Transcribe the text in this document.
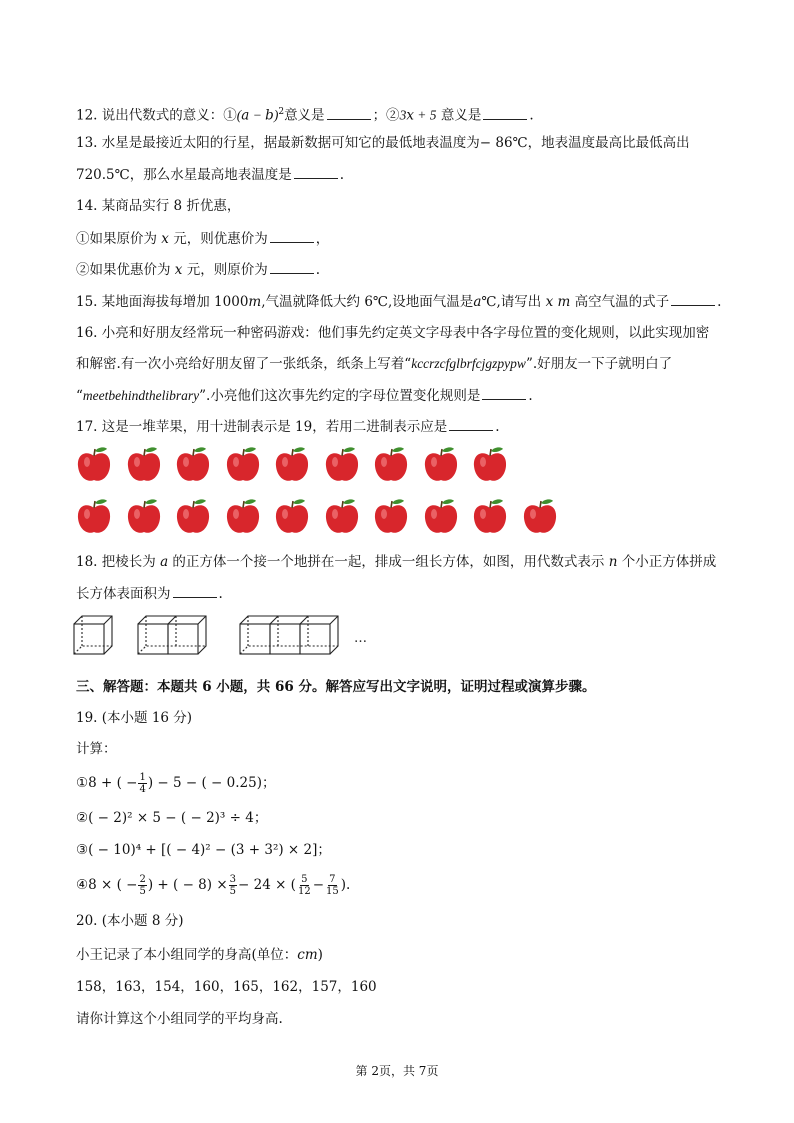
12. 说出代数式的意义：①(𝑎 − 𝑏)$^2$意义是	；②3𝑥 + 5 意义是	.
13. 水星是最接近太阳的行星，据最新数据可知它的最低地表温度为− 86℃，地表温度最高比最低高出
720.5℃，那么水星最高地表温度是	.
14. 某商品实行 8 折优惠，
①如果原价为 𝑥 元，则优惠价为	，
②如果优惠价为 𝑥 元，则原价为	.
15. 某地面海拔每增加 1000𝑚,气温就降低大约 6℃,设地面气温是𝑎℃,请写出 𝑥 𝑚 高空气温的式子	.
16. 小亮和好朋友经常玩一种密码游戏：他们事先约定英文字母表中各字母位置的变化规则，以此实现加密
和解密.有一次小亮给好朋友留了一张纸条，纸条上写着“kccrzcfglbrfcjgzpypw”.好朋友一下子就明白了
“meetbehindthelibrary”.小亮他们这次事先约定的字母位置变化规则是	.
17. 这是一堆苹果，用十进制表示是 19，若用二进制表示应是	.
18. 把棱长为 𝑎 的正方体一个接一个地拼在一起，排成一组长方体，如图，用代数式表示 𝑛 个小正方体拼成
长方体表面积为	.
…
三、解答题：本题共 6 小题，共 66 分。解答应写出文字说明，证明过程或演算步骤。
19. (本小题 16 分)
计算：
①8 + ( − $\frac{1}{4}$ ) − 5 − ( − 0.25)；
②( − 2)² × 5 − ( − 2)³ ÷ 4；
③( − 10)⁴ + [( − 4)² − (3 + 3²) × 2]；
④8 × ( − $\frac{2}{5}$ ) + ( − $8) \times \frac{3}{5} - 24$ × ( $\frac{5}{12} - \frac{7}{15}$ ).
20. (本小题 8 分)
小王记录了本小组同学的身高(单位：𝑐𝑚)
158，163，154，160，165，162，157，160
请你计算这个小组同学的平均身高.
第 2页，共 7页
